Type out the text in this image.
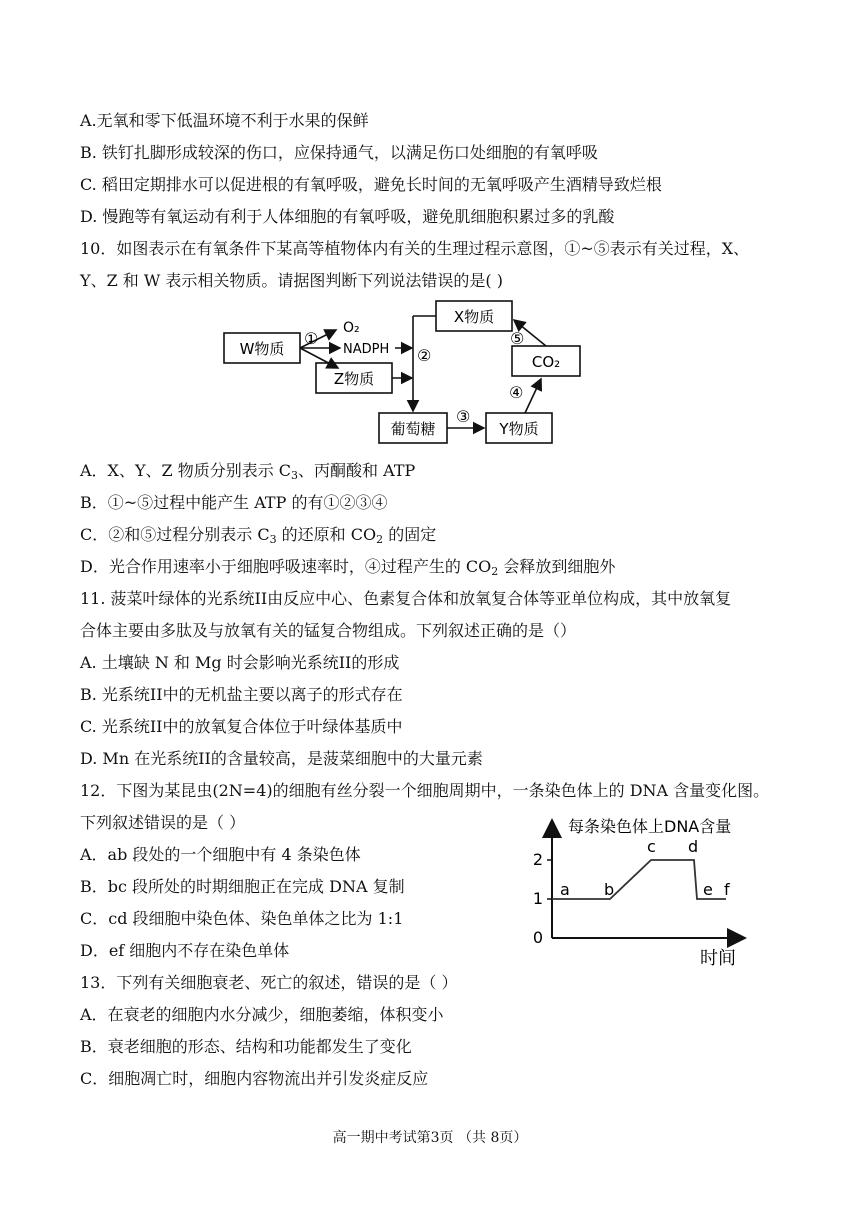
A.无氧和零下低温环境不利于水果的保鲜
B. 铁钉扎脚形成较深的伤口，应保持通气，以满足伤口处细胞的有氧呼吸
C. 稻田定期排水可以促进根的有氧呼吸，避免长时间的无氧呼吸产生酒精导致烂根
D. 慢跑等有氧运动有利于人体细胞的有氧呼吸，避免肌细胞积累过多的乳酸
10．如图表示在有氧条件下某高等植物体内有关的生理过程示意图，①~⑤表示有关过程，X、
Y、Z 和 W 表示相关物质。请据图判断下列说法错误的是( )
W物质
Z物质
X物质
CO₂
葡萄糖	Y物质
O₂
NADPH
①
②
③
④
⑤
A．X、Y、Z 物质分别表示 $C_3$、丙酮酸和 ATP
B．①~⑤过程中能产生 ATP 的有①②③④
C．②和⑤过程分别表示 $C_3$ 的还原和 $CO_2$ 的固定
D．光合作用速率小于细胞呼吸速率时，④过程产生的 $CO_2$ 会释放到细胞外
11. 菠菜叶绿体的光系统II由反应中心、色素复合体和放氧复合体等亚单位构成，其中放氧复
合体主要由多肽及与放氧有关的锰复合物组成。下列叙述正确的是（）
A. 土壤缺 N 和 Mg 时会影响光系统II的形成
B. 光系统II中的无机盐主要以离子的形式存在
C. 光系统II中的放氧复合体位于叶绿体基质中
D. Mn 在光系统II的含量较高，是菠菜细胞中的大量元素
12．下图为某昆虫(2N=4)的细胞有丝分裂一个细胞周期中，一条染色体上的 DNA 含量变化图。
下列叙述错误的是（ ）
A．ab 段处的一个细胞中有 4 条染色体
B．bc 段所处的时期细胞正在完成 DNA 复制
C．cd 段细胞中染色体、染色单体之比为 1:1
D．ef 细胞内不存在染色单体
每条染色体上DNA含量
时间
0
1
2
a b
c d
e f
13．下列有关细胞衰老、死亡的叙述，错误的是（ ）
A．在衰老的细胞内水分减少，细胞萎缩，体积变小
B．衰老细胞的形态、结构和功能都发生了变化
C．细胞凋亡时，细胞内容物流出并引发炎症反应
高一期中考试第3页 （共 8页）
